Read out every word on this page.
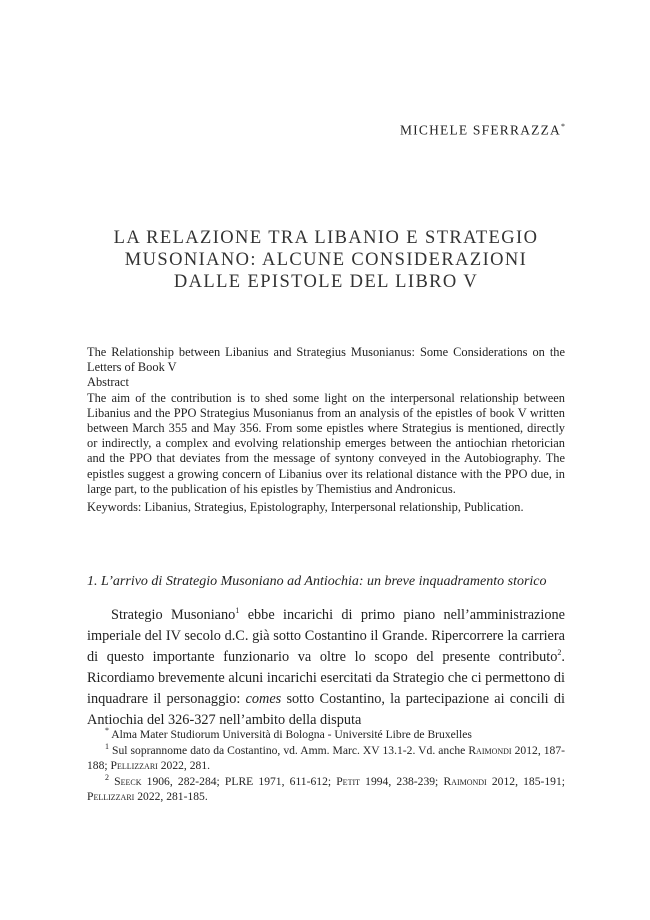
MICHELE SFERRAZZA*
LA RELAZIONE TRA LIBANIO E STRATEGIO
MUSONIANO: ALCUNE CONSIDERAZIONI
DALLE EPISTOLE DEL LIBRO V

The Relationship between Libanius and Strategius Musonianus: Some Considerations on the Letters of Book V

Abstract

The aim of the contribution is to shed some light on the interpersonal relationship between Libanius and the PPO Strategius Musonianus from an analysis of the epistles of book V written between March 355 and May 356. From some epistles where Strategius is mentioned, directly or indirectly, a complex and evolving relationship emerges between the antiochian rhetorician and the PPO that deviates from the message of syntony conveyed in the Autobiography. The epistles suggest a growing concern of Libanius over its relational distance with the PPO due, in large part, to the publication of his epistles by Themistius and Andronicus.

Keywords: Libanius, Strategius, Epistolography, Interpersonal relationship, Publication.

1. L’arrivo di Strategio Musoniano ad Antiochia: un breve inquadramento storico

Strategio Musoniano$^1$ ebbe incarichi di primo piano nell’amministrazione imperiale del IV secolo d.C. già sotto Costantino il Grande. Ripercorrere la carriera di questo importante funzionario va oltre lo scopo del presente contributo$^2$. Ricordiamo brevemente alcuni incarichi esercitati da Strategio che ci permettono di inquadrare il personaggio: comes sotto Costantino, la partecipazione ai concili di Antiochia del 326-327 nell’ambito della disputa

* Alma Mater Studiorum Università di Bologna - Université Libre de Bruxelles

$^1$ Sul soprannome dato da Costantino, vd. Amm. Marc. XV 13.1-2. Vd. anche Raimondi 2012, 187-188; Pellizzari 2022, 281.

$^2$ Seeck 1906, 282-284; PLRE 1971, 611-612; Petit 1994, 238-239; Raimondi 2012, 185-191; Pellizzari 2022, 281-185.
